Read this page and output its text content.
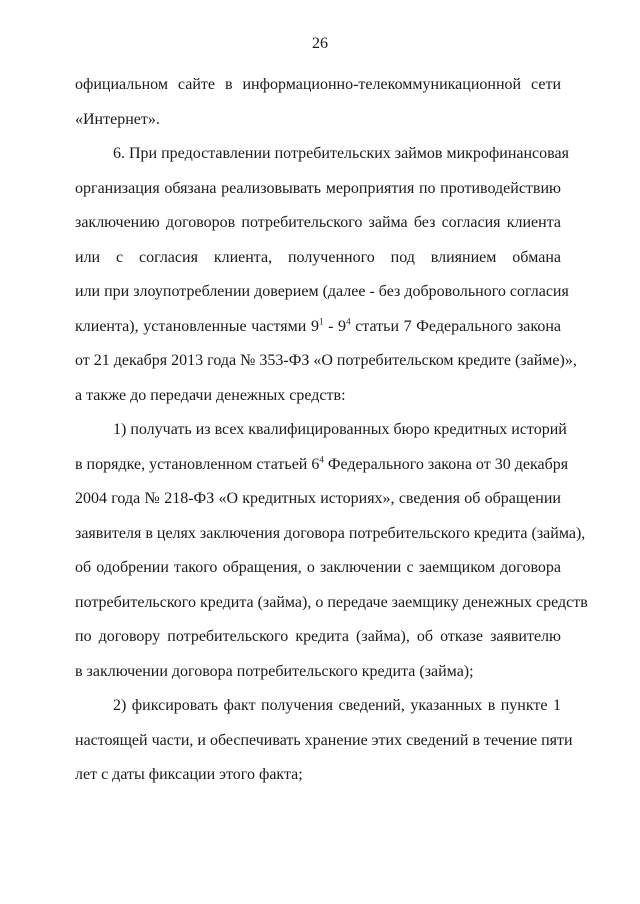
26
официальном сайте в информационно-телекоммуникационной сети
«Интернет».
6. При предоставлении потребительских займов микрофинансовая
организация обязана реализовывать мероприятия по противодействию
заключению договоров потребительского займа без согласия клиента
или с согласия клиента, полученного под влиянием обмана
или при злоупотреблении доверием (далее - без добровольного согласия
клиента), установленные частями $9^1 - 9^4$ статьи 7 Федерального закона
от 21 декабря 2013 года № 353-ФЗ «О потребительском кредите (займе)»,
а также до передачи денежных средств:
1) получать из всех квалифицированных бюро кредитных историй
в порядке, установленном статьей $6^4$ Федерального закона от 30 декабря
2004 года № 218-ФЗ «О кредитных историях», сведения об обращении
заявителя в целях заключения договора потребительского кредита (займа),
об одобрении такого обращения, о заключении с заемщиком договора
потребительского кредита (займа), о передаче заемщику денежных средств
по договору потребительского кредита (займа), об отказе заявителю
в заключении договора потребительского кредита (займа);
2) фиксировать факт получения сведений, указанных в пункте 1
настоящей части, и обеспечивать хранение этих сведений в течение пяти
лет с даты фиксации этого факта;
